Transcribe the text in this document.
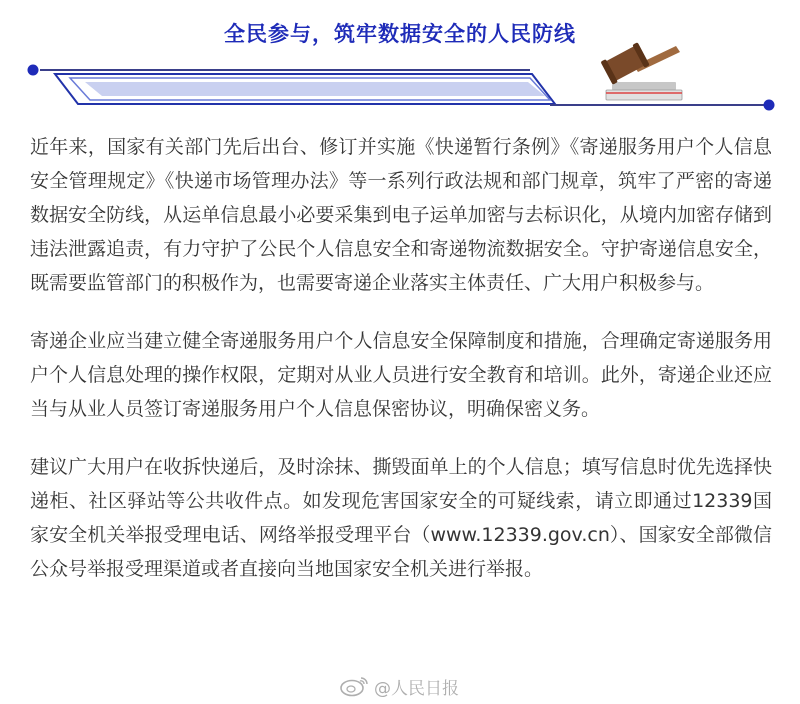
全民参与，筑牢数据安全的人民防线

近年来，国家有关部门先后出台、修订并实施《快递暂行条例》《寄递服务用户个人信息安全管理规定》《快递市场管理办法》等一系列行政法规和部门规章，筑牢了严密的寄递数据安全防线，从运单信息最小必要采集到电子运单加密与去标识化，从境内加密存储到违法泄露追责，有力守护了公民个人信息安全和寄递物流数据安全。守护寄递信息安全，既需要监管部门的积极作为，也需要寄递企业落实主体责任、广大用户积极参与。

寄递企业应当建立健全寄递服务用户个人信息安全保障制度和措施，合理确定寄递服务用户个人信息处理的操作权限，定期对从业人员进行安全教育和培训。此外，寄递企业还应当与从业人员签订寄递服务用户个人信息保密协议，明确保密义务。

建议广大用户在收拆快递后，及时涂抹、撕毁面单上的个人信息；填写信息时优先选择快递柜、社区驿站等公共收件点。如发现危害国家安全的可疑线索，请立即通过12339国家安全机关举报受理电话、网络举报受理平台（www.12339.gov.cn）、国家安全部微信公众号举报受理渠道或者直接向当地国家安全机关进行举报。

@人民日报
